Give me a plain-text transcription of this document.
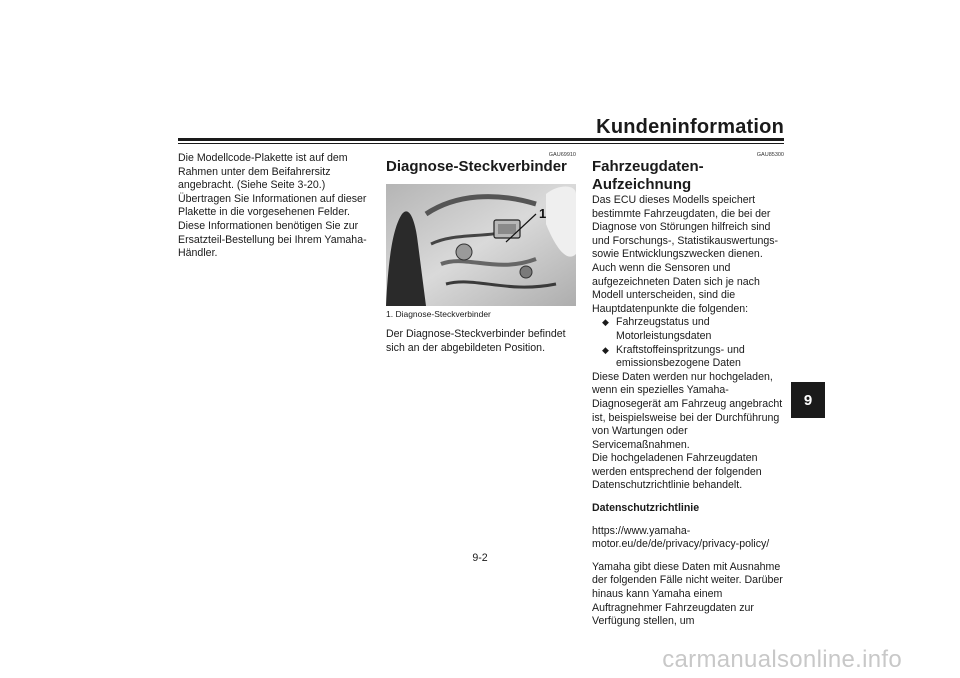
Kundeninformation
9

Die Modellcode-Plakette ist auf dem Rahmen unter dem Beifahrersitz angebracht. (Siehe Seite 3-20.) Übertragen Sie Informationen auf dieser Plakette in die vorgesehenen Felder. Diese Informationen benötigen Sie zur Ersatzteil-Bestellung bei Ihrem Yamaha-Händler.

GAU69910

Diagnose-Steckverbinder
1

1. Diagnose-Steckverbinder

Der Diagnose-Steckverbinder befindet sich an der abgebildeten Position.

GAU85300

Fahrzeugdaten-Aufzeichnung

Das ECU dieses Modells speichert bestimmte Fahrzeugdaten, die bei der Diagnose von Störungen hilfreich sind und Forschungs-, Statistikauswertungs- sowie Entwicklungszwecken dienen.

Auch wenn die Sensoren und aufgezeichneten Daten sich je nach Modell unterscheiden, sind die Hauptdatenpunkte die folgenden:

◆ Fahrzeugstatus und Motorleistungsdaten
◆ Kraftstoffeinspritzungs- und emissionsbezogene Daten

Diese Daten werden nur hochgeladen, wenn ein spezielles Yamaha-Diagnosegerät am Fahrzeug angebracht ist, beispielsweise bei der Durchführung von Wartungen oder Servicemaßnahmen.

Die hochgeladenen Fahrzeugdaten werden entsprechend der folgenden Datenschutzrichtlinie behandelt.

Datenschutzrichtlinie

https://www.yamaha-motor.eu/de/de/privacy/privacy-policy/

Yamaha gibt diese Daten mit Ausnahme der folgenden Fälle nicht weiter. Darüber hinaus kann Yamaha einem Auftragnehmer Fahrzeugdaten zur Verfügung stellen, um

9-2
carmanualsonline.info
